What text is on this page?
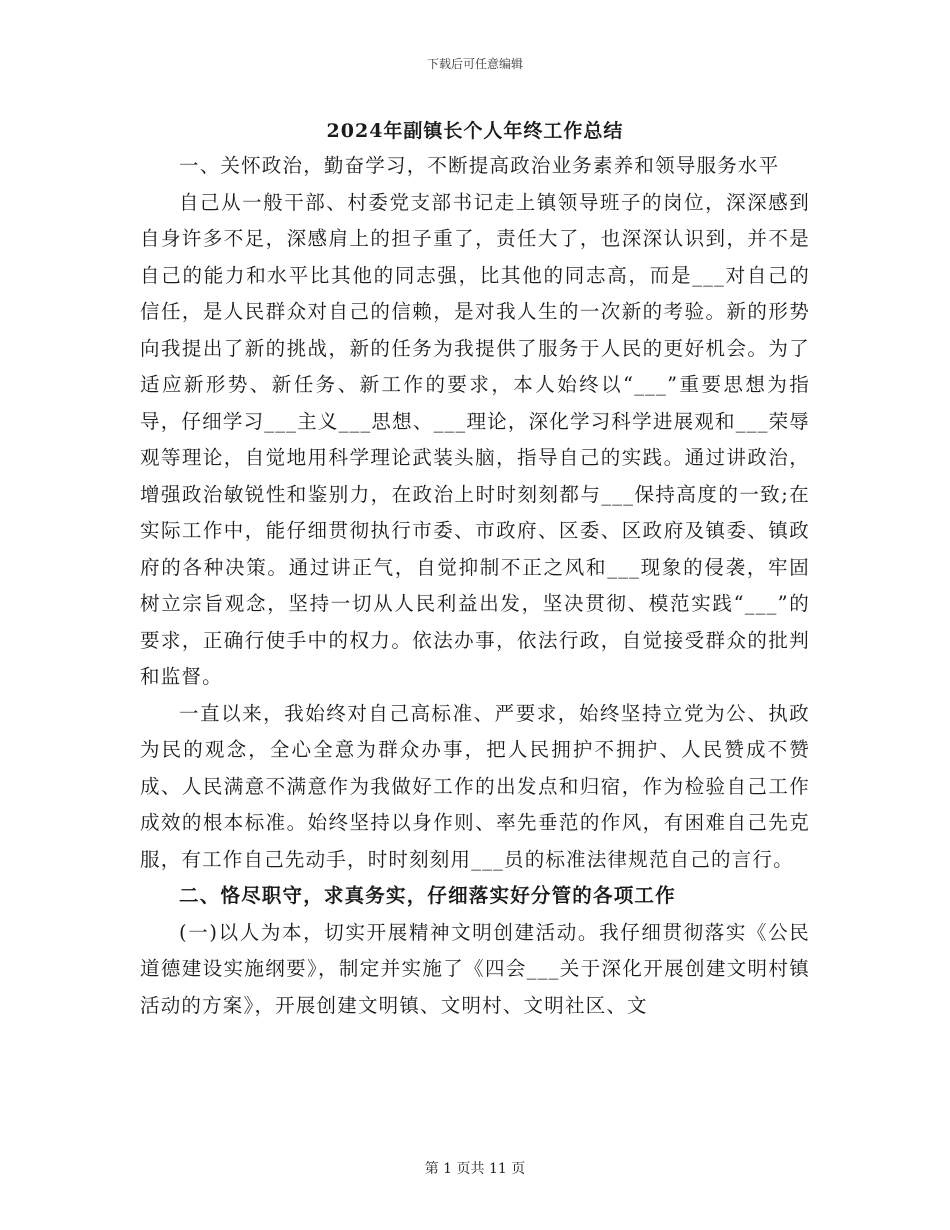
下载后可任意编辑
2024年副镇长个人年终工作总结

一、关怀政治，勤奋学习，不断提高政治业务素养和领导服务水平

自己从一般干部、村委党支部书记走上镇领导班子的岗位，深深感到自身许多不足，深感肩上的担子重了，责任大了，也深深认识到，并不是自己的能力和水平比其他的同志强，比其他的同志高，而是___对自己的信任，是人民群众对自己的信赖，是对我人生的一次新的考验。新的形势向我提出了新的挑战，新的任务为我提供了服务于人民的更好机会。为了适应新形势、新任务、新工作的要求，本人始终以“___”重要思想为指导，仔细学习___主义___思想、___理论，深化学习科学进展观和___荣辱观等理论，自觉地用科学理论武装头脑，指导自己的实践。通过讲政治，增强政治敏锐性和鉴别力，在政治上时时刻刻都与___保持高度的一致;在实际工作中，能仔细贯彻执行市委、市政府、区委、区政府及镇委、镇政府的各种决策。通过讲正气，自觉抑制不正之风和___现象的侵袭，牢固树立宗旨观念，坚持一切从人民利益出发，坚决贯彻、模范实践“___”的要求，正确行使手中的权力。依法办事，依法行政，自觉接受群众的批判和监督。

一直以来，我始终对自己高标准、严要求，始终坚持立党为公、执政为民的观念，全心全意为群众办事，把人民拥护不拥护、人民赞成不赞成、人民满意不满意作为我做好工作的出发点和归宿，作为检验自己工作成效的根本标准。始终坚持以身作则、率先垂范的作风，有困难自己先克服，有工作自己先动手，时时刻刻用___员的标准法律规范自己的言行。

二、恪尽职守，求真务实，仔细落实好分管的各项工作

(一)以人为本，切实开展精神文明创建活动。我仔细贯彻落实《公民道德建设实施纲要》，制定并实施了《四会___关于深化开展创建文明村镇活动的方案》，开展创建文明镇、文明村、文明社区、文

第 1 页共 11 页
